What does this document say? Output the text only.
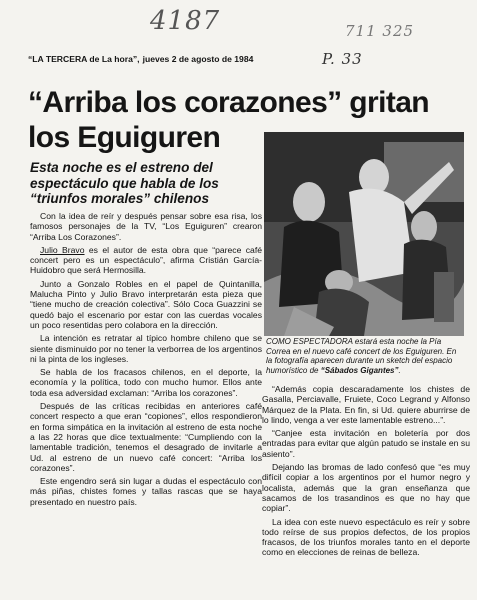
4187	711 325
P. 33
“LA TERCERA de La hora”, jueves 2 de agosto de 1984
“Arriba los corazones” gritan
los Eguiguren
Esta noche es el estreno del
espectáculo que habla de los
“triunfos morales” chilenos

COMO ESPECTADORA estará esta noche la Pía Correa en el nuevo café concert de los Eguiguren. En la fotografía aparecen durante un sketch del espacio humorístico de “Sábados Gigantes”.

Con la idea de reír y después pensar sobre esa risa, los famosos personajes de la TV, “Los Eguiguren” crearon “Arriba Los Corazones”.

Julio Bravo es el autor de esta obra que “parece café concert pero es un espectáculo”, afirma Cristián García-Huidobro que será Hermosilla.

Junto a Gonzalo Robles en el papel de Quintanilla, Malucha Pinto y Julio Bravo interpretarán esta pieza que “tiene mucho de creación colectiva”. Sólo Coca Guazzini se quedó bajo el escenario por estar con las cuerdas vocales un poco resentidas pero colabora en la dirección.

La intención es retratar al típico hombre chileno que se siente disminuido por no tener la verborrea de los argentinos ni la pinta de los ingleses.

Se habla de los fracasos chilenos, en el deporte, la economía y la política, todo con mucho humor. Ellos ante toda esa adversidad exclaman: “Arriba los corazones”.

Después de las críticas recibidas en anteriores café concert respecto a que eran “copiones”, ellos respondieron en forma simpática en la invitación al estreno de esta noche a las 22 horas que dice textualmente: “Cumpliendo con la lamentable tradición, tenemos el desagrado de invitarle a Ud. al estreno de un nuevo café concert: “Arriba los corazones”.

Este engendro será sin lugar a dudas el espectáculo con más piñas, chistes fomes y tallas rascas que se haya presentado en nuestro país.

“Además copia descaradamente los chistes de Gasalla, Perciavalle, Fruiete, Coco Legrand y Alfonso Márquez de la Plata. En fin, si Ud. quiere aburrirse de lo lindo, venga a ver este lamentable estreno...”.

“Canjee esta invitación en boletería por dos entradas para evitar que algún patudo se instale en su asiento”.

Dejando las bromas de lado confesó que “es muy difícil copiar a los argentinos por el humor negro y localista, además que la gran enseñanza que sacamos de los trasandinos es que no hay que copiar”.

La idea con este nuevo espectáculo es reír y sobre todo reírse de sus propios defectos, de los propios fracasos, de los triunfos morales tanto en el deporte como en elecciones de reinas de belleza.
